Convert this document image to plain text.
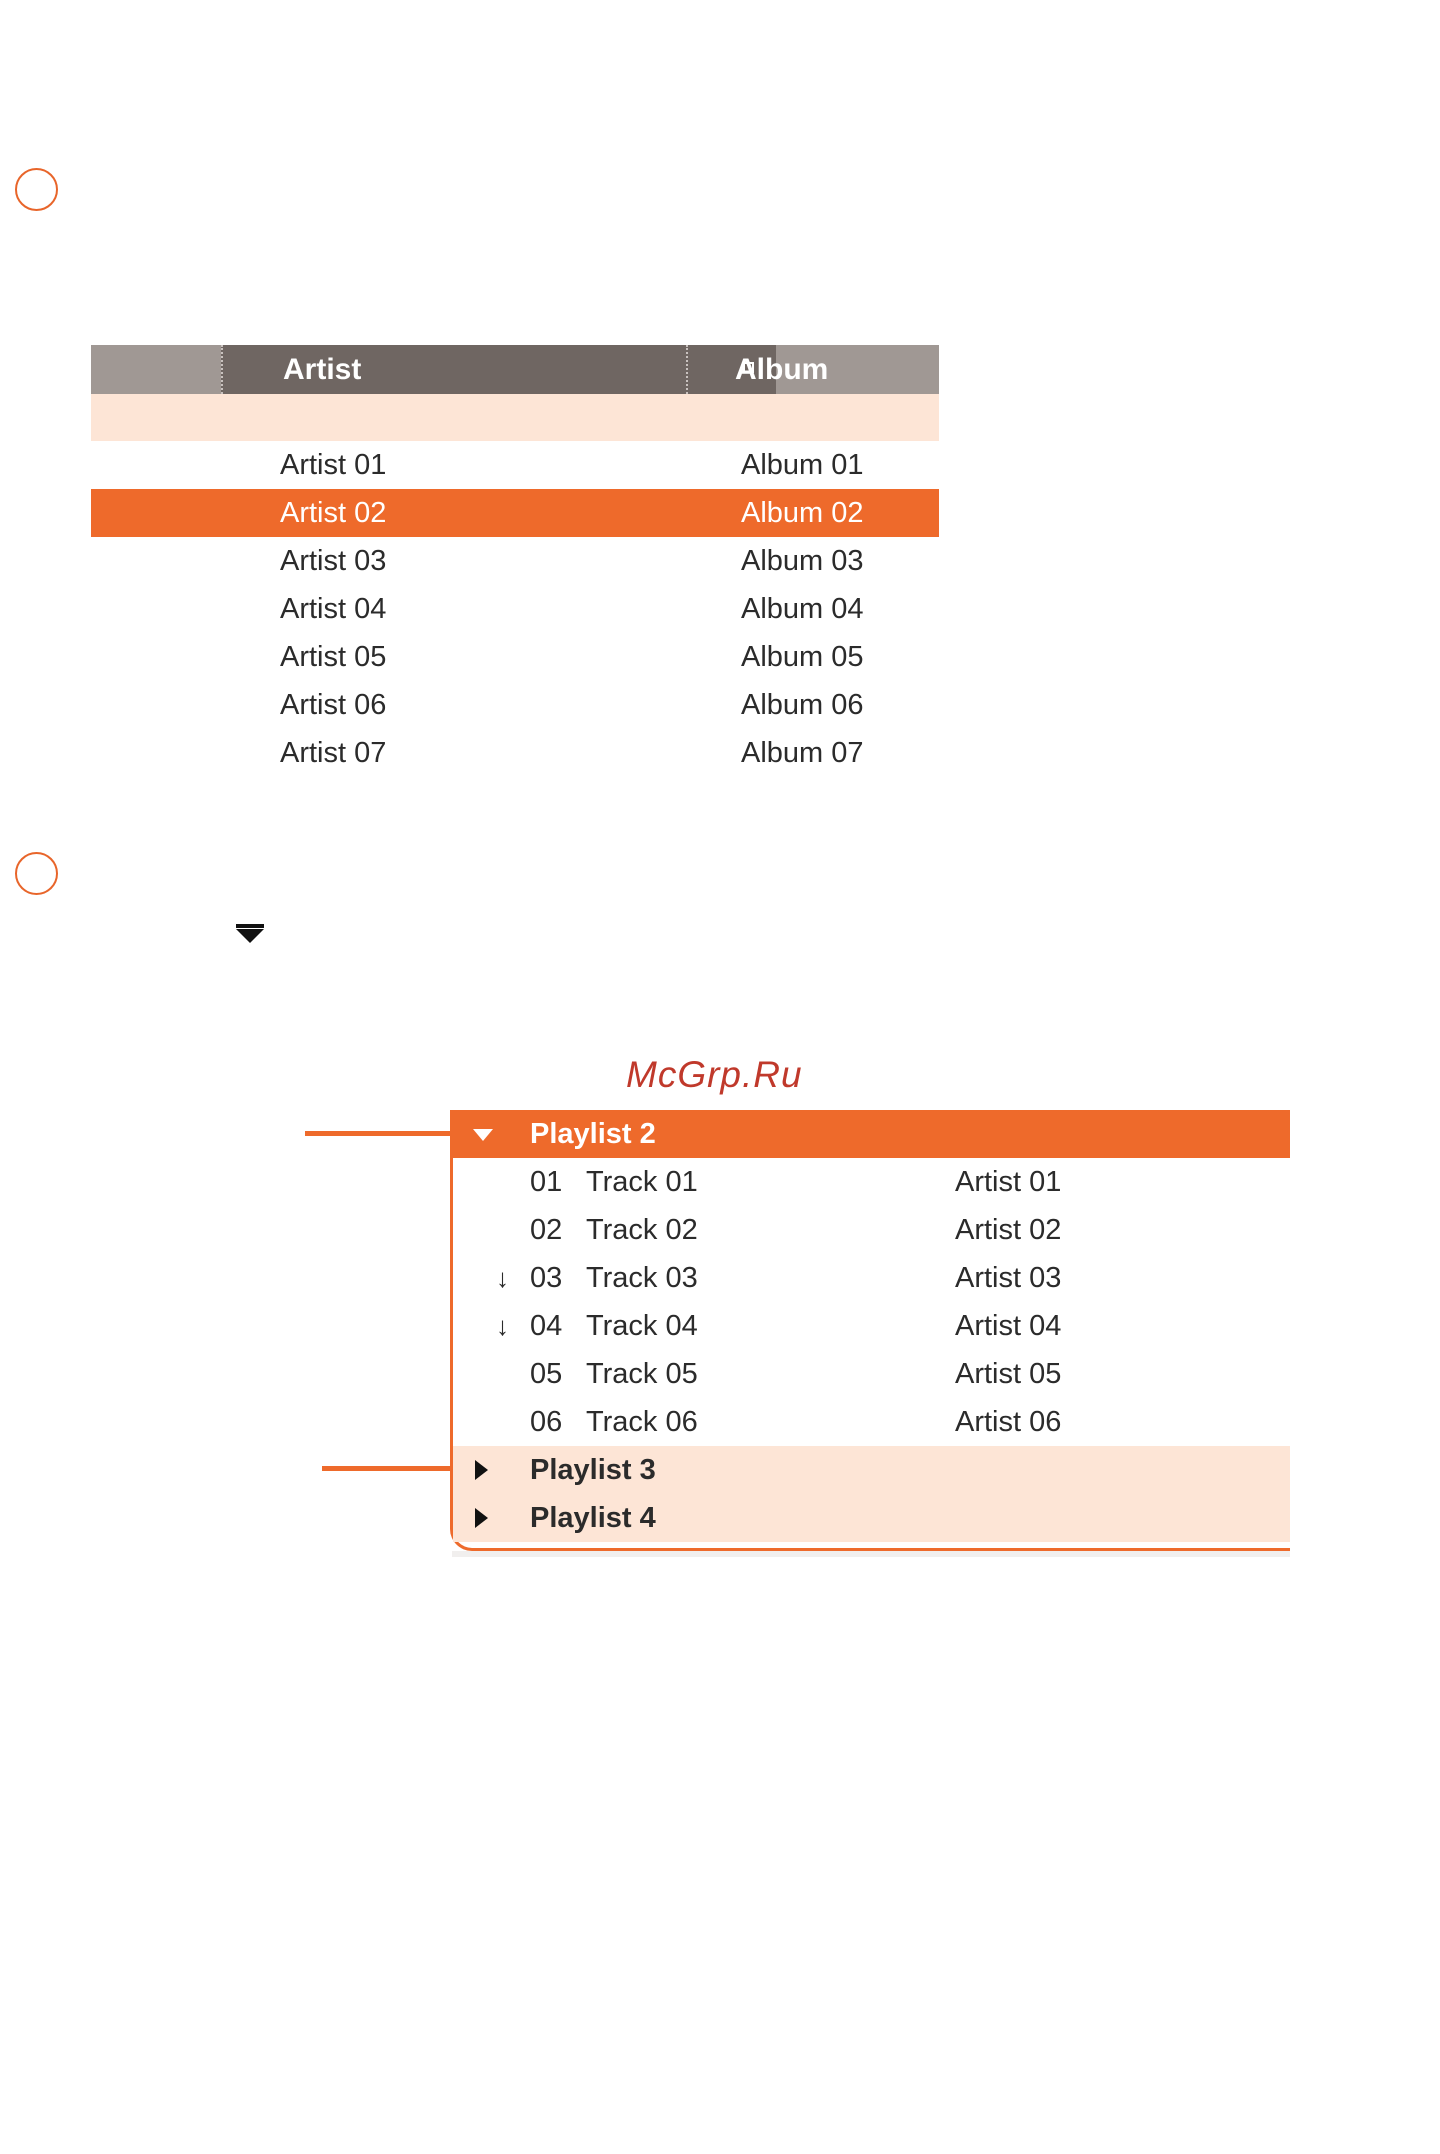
Artist	Album
Artist 01	Album 01
Artist 02	Album 02
Artist 03	Album 03
Artist 04	Album 04
Artist 05	Album 05
Artist 06	Album 06
Artist 07	Album 07
McGrp.Ru
Playlist 2
01 Track 01	Artist 01
02 Track 02	Artist 02
↓ 03 Track 03	Artist 03
↓ 04 Track 04	Artist 04
05 Track 05	Artist 05
06 Track 06	Artist 06
Playlist 3
Playlist 4
